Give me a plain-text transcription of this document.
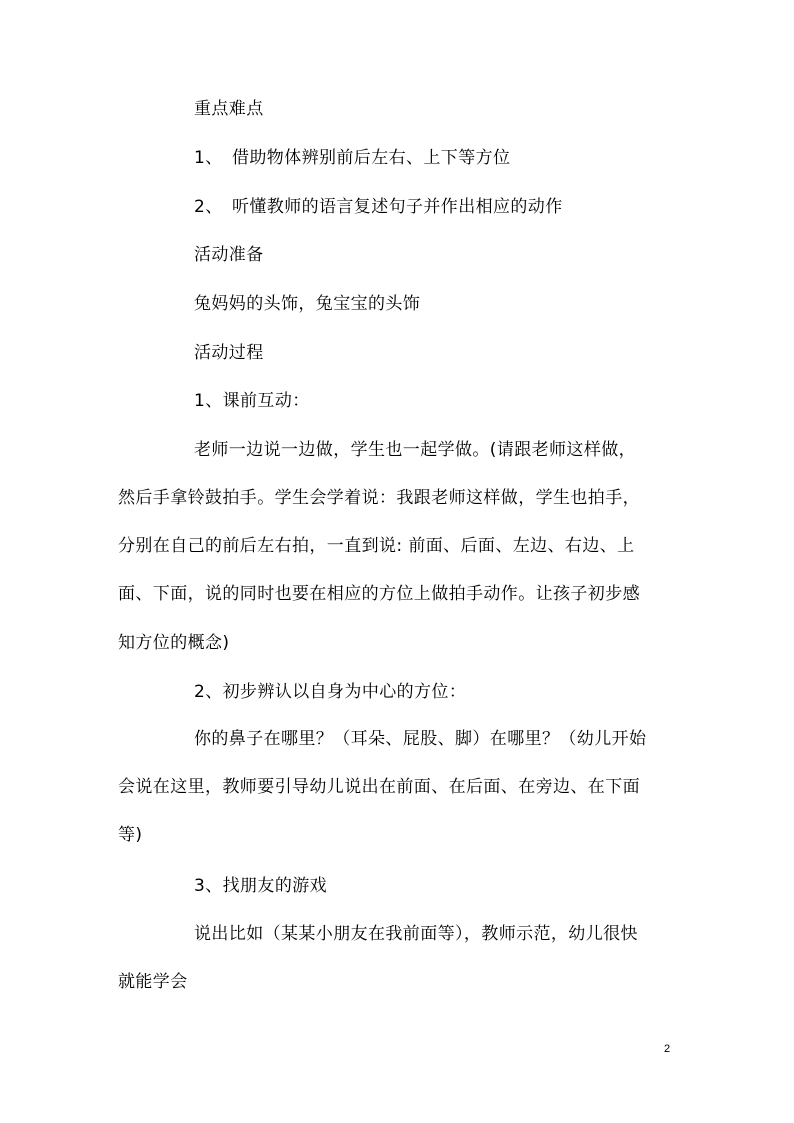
重点难点
1、 借助物体辨别前后左右、上下等方位
2、 听懂教师的语言复述句子并作出相应的动作
活动准备
兔妈妈的头饰，兔宝宝的头饰
活动过程
1、课前互动：
老师一边说一边做，学生也一起学做。(请跟老师这样做，
然后手拿铃鼓拍手。学生会学着说：我跟老师这样做，学生也拍手，
分别在自己的前后左右拍，一直到说: 前面、后面、左边、右边、上
面、下面，说的同时也要在相应的方位上做拍手动作。让孩子初步感
知方位的概念)
2、初步辨认以自身为中心的方位：
你的鼻子在哪里？（耳朵、屁股、脚）在哪里？（幼儿开始
会说在这里，教师要引导幼儿说出在前面、在后面、在旁边、在下面
等)
3、找朋友的游戏
说出比如（某某小朋友在我前面等），教师示范，幼儿很快
就能学会
2
